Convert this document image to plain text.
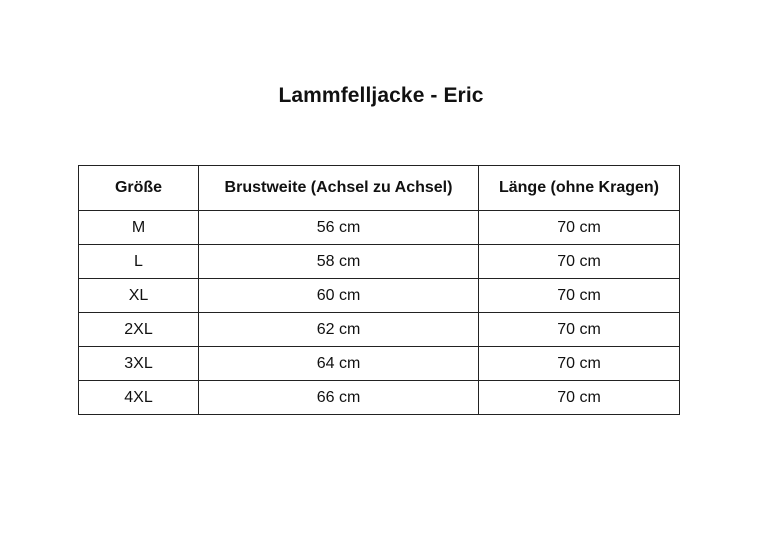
Lammfelljacke - Eric
Größe	Brustweite (Achsel zu Achsel)	Länge (ohne Kragen)
M	56 cm	70 cm
L	58 cm	70 cm
XL	60 cm	70 cm
2XL	62 cm	70 cm
3XL	64 cm	70 cm
4XL	66 cm	70 cm
